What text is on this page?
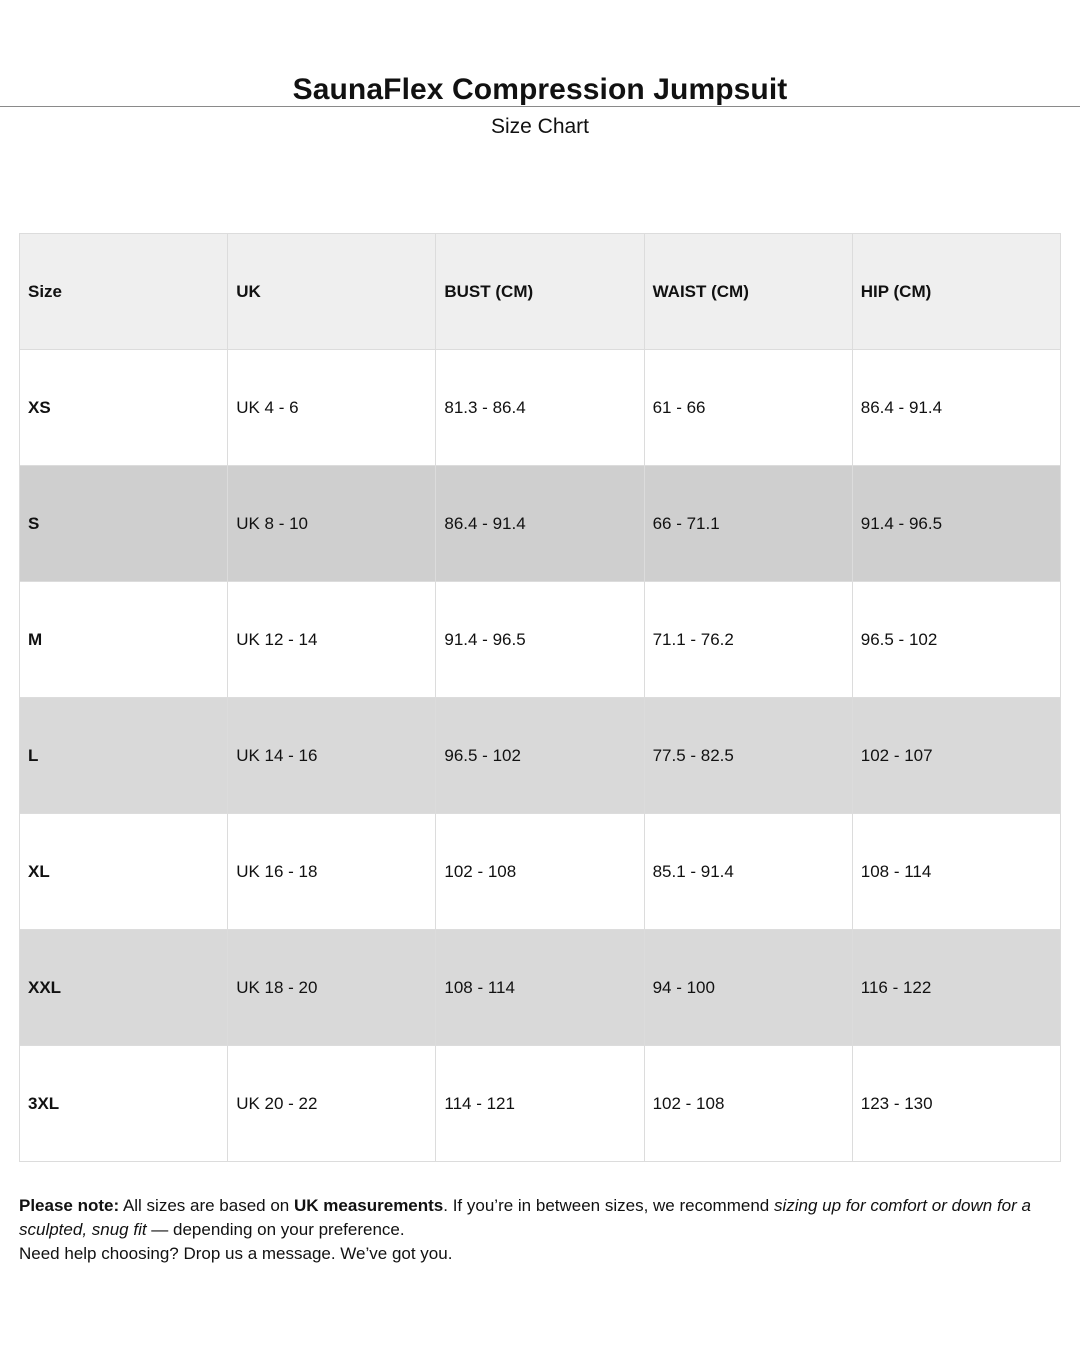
SaunaFlex Compression Jumpsuit

Size Chart

Size	UK	BUST (CM)	WAIST (CM)	HIP (CM)
XS	UK 4 - 6	81.3 - 86.4	61 - 66	86.4 - 91.4
S	UK 8 - 10	86.4 - 91.4	66 - 71.1	91.4 - 96.5
M	UK 12 - 14	91.4 - 96.5	71.1 - 76.2	96.5 - 102
L	UK 14 - 16	96.5 - 102	77.5 - 82.5	102 - 107
XL	UK 16 - 18	102 - 108	85.1 - 91.4	108 - 114
XXL	UK 18 - 20	108 - 114	94 - 100	116 - 122
3XL	UK 20 - 22	114 - 121	102 - 108	123 - 130

Please note: All sizes are based on UK measurements. If you’re in between sizes, we recommend sizing up for comfort or down for a sculpted, snug fit — depending on your preference.

Need help choosing? Drop us a message. We’ve got you.
